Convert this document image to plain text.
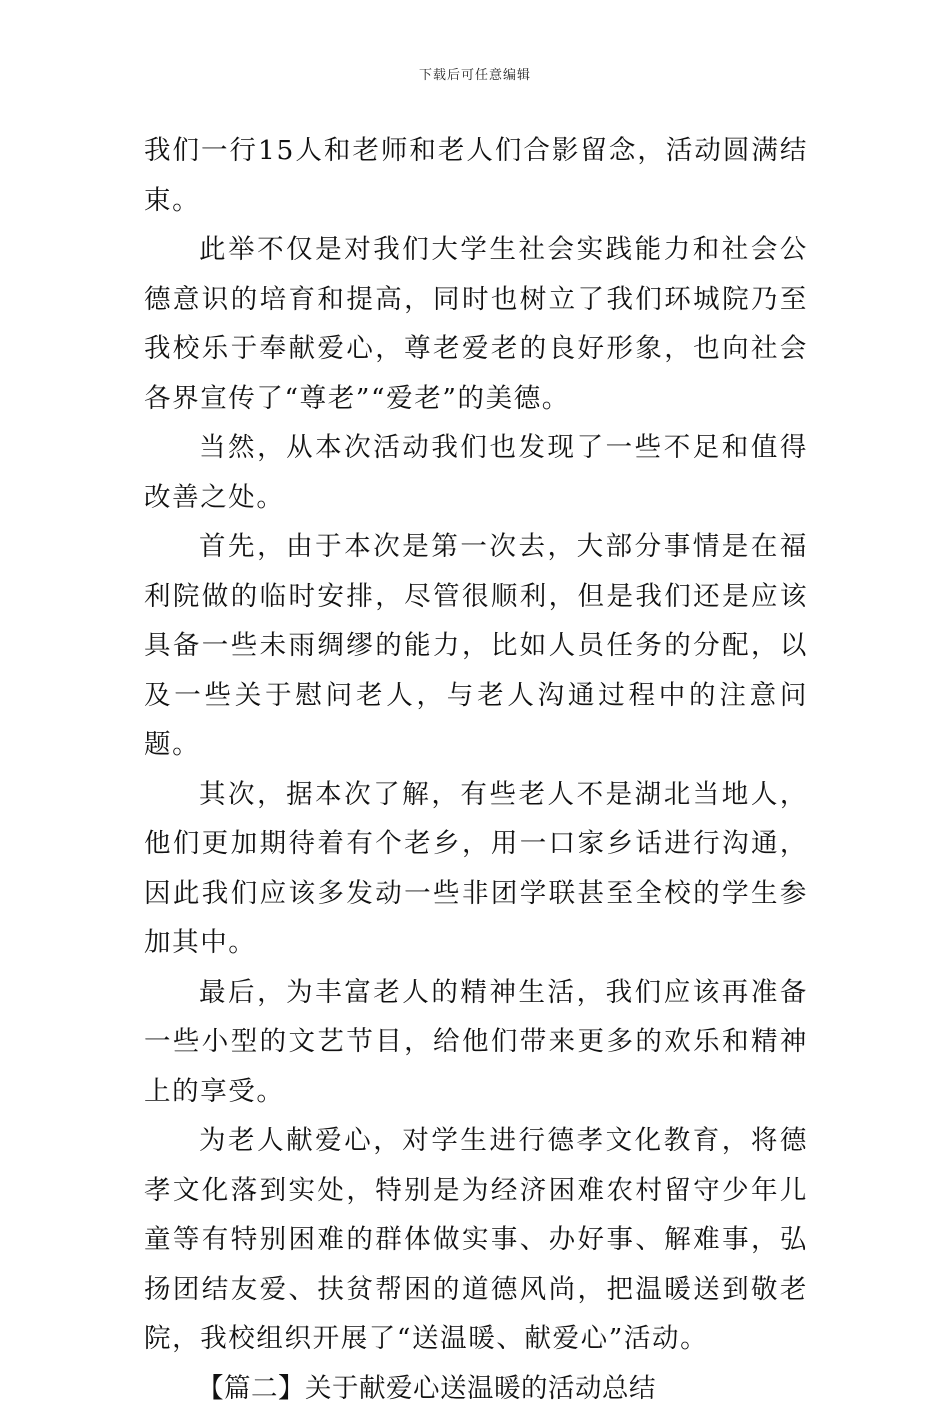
下载后可任意编辑

我们一行15人和老师和老人们合影留念，活动圆满结束。

此举不仅是对我们大学生社会实践能力和社会公德意识的培育和提高，同时也树立了我们环城院乃至我校乐于奉献爱心，尊老爱老的良好形象，也向社会各界宣传了“尊老”“爱老”的美德。

当然，从本次活动我们也发现了一些不足和值得改善之处。

首先，由于本次是第一次去，大部分事情是在福利院做的临时安排，尽管很顺利，但是我们还是应该具备一些未雨绸缪的能力，比如人员任务的分配，以及一些关于慰问老人，与老人沟通过程中的注意问题。

其次，据本次了解，有些老人不是湖北当地人，他们更加期待着有个老乡，用一口家乡话进行沟通，因此我们应该多发动一些非团学联甚至全校的学生参加其中。

最后，为丰富老人的精神生活，我们应该再准备一些小型的文艺节目，给他们带来更多的欢乐和精神上的享受。

为老人献爱心，对学生进行德孝文化教育，将德孝文化落到实处，特别是为经济困难农村留守少年儿童等有特别困难的群体做实事、办好事、解难事，弘扬团结友爱、扶贫帮困的道德风尚，把温暖送到敬老院，我校组织开展了“送温暖、献爱心”活动。

【篇二】关于献爱心送温暖的活动总结
